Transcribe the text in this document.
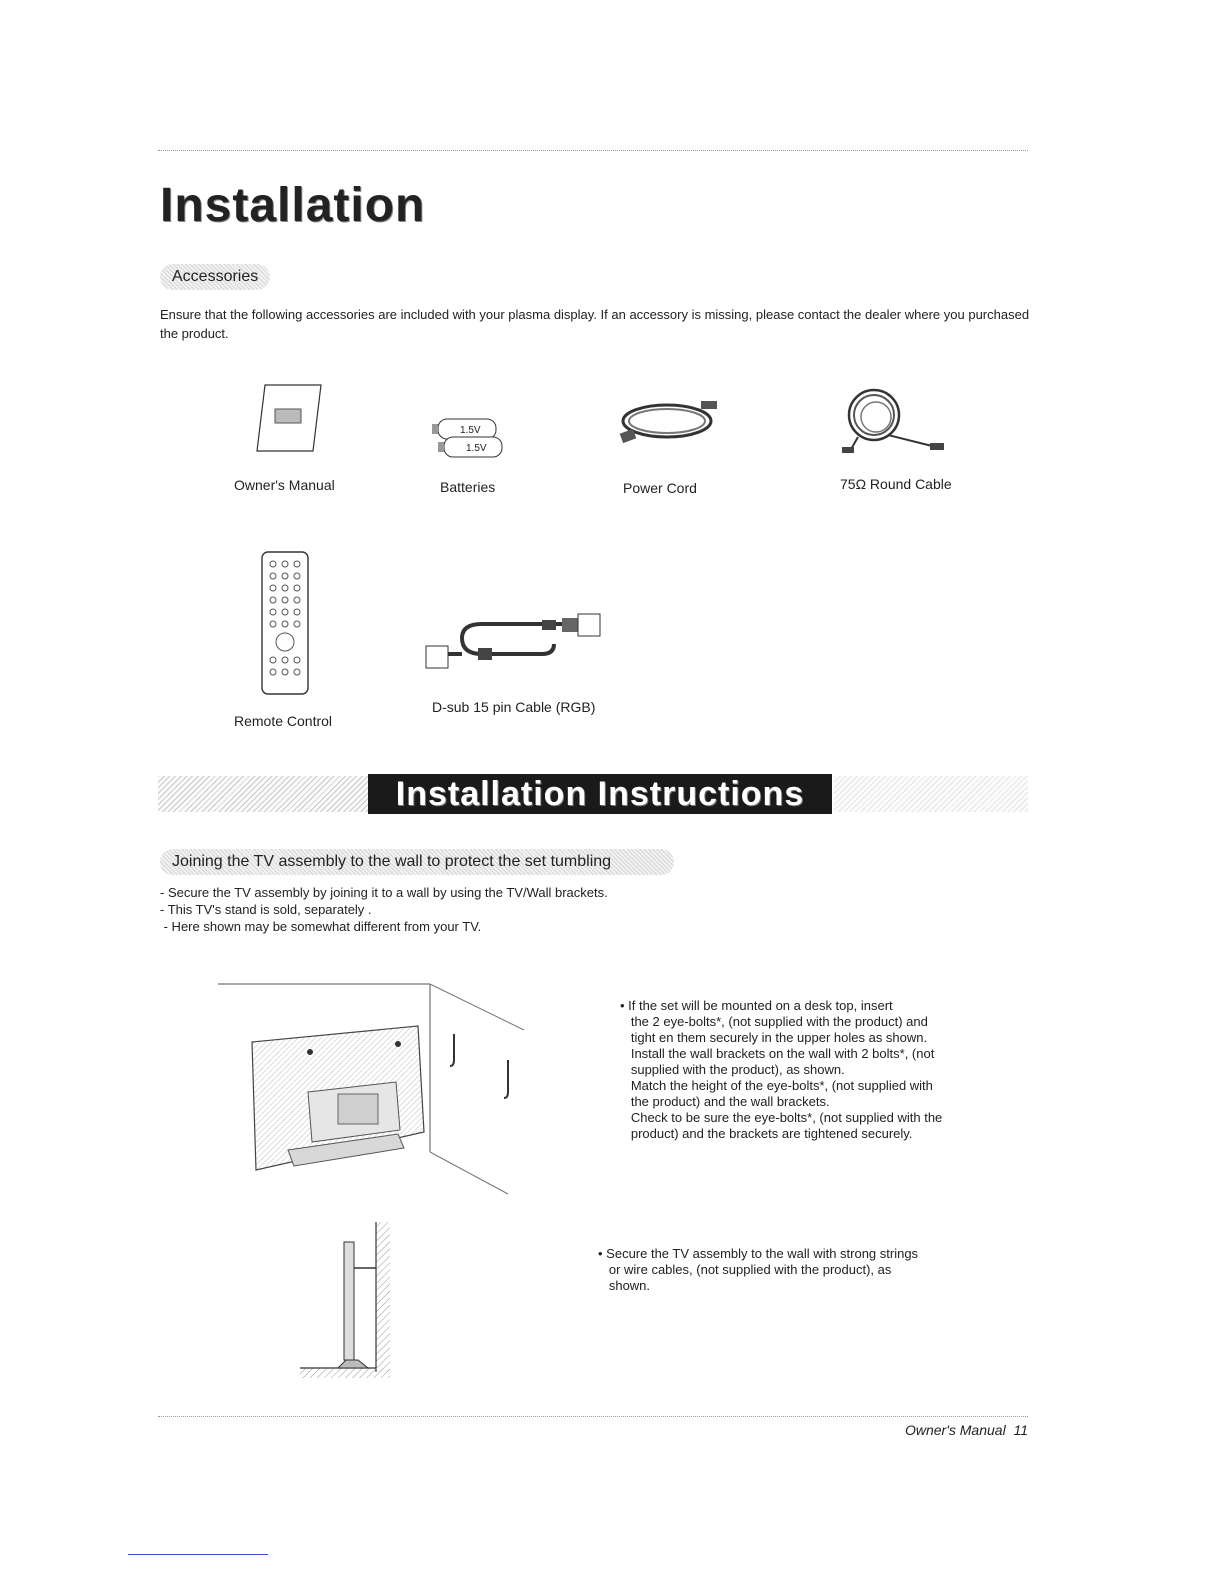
Installation
Accessories
Ensure that the following accessories are included with your plasma display. If an accessory is missing, please contact the dealer where you purchased the product.
Owner's Manual
1.5V
1.5V
Batteries	Power Cord	75Ω Round Cable
Remote Control
D-sub 15 pin Cable (RGB)
Installation Instructions
Joining the TV assembly to the wall to protect the set tumbling
- Secure the TV assembly by joining it to a wall by using the TV/Wall brackets.
- This TV's stand is sold, separately .
- Here shown may be somewhat different from your TV.
• If the set will be mounted on a desk top, insert
the 2 eye-bolts*, (not supplied with the product) and
tight en them securely in the upper holes as shown.
Install the wall brackets on the wall with 2 bolts*, (not
supplied with the product), as shown.
Match the height of the eye-bolts*, (not supplied with
the product) and the wall brackets.
Check to be sure the eye-bolts*, (not supplied with the
product) and the brackets are tightened securely.
• Secure the TV assembly to the wall with strong strings
or wire cables, (not supplied with the product), as
shown.
Owner's Manual  11
